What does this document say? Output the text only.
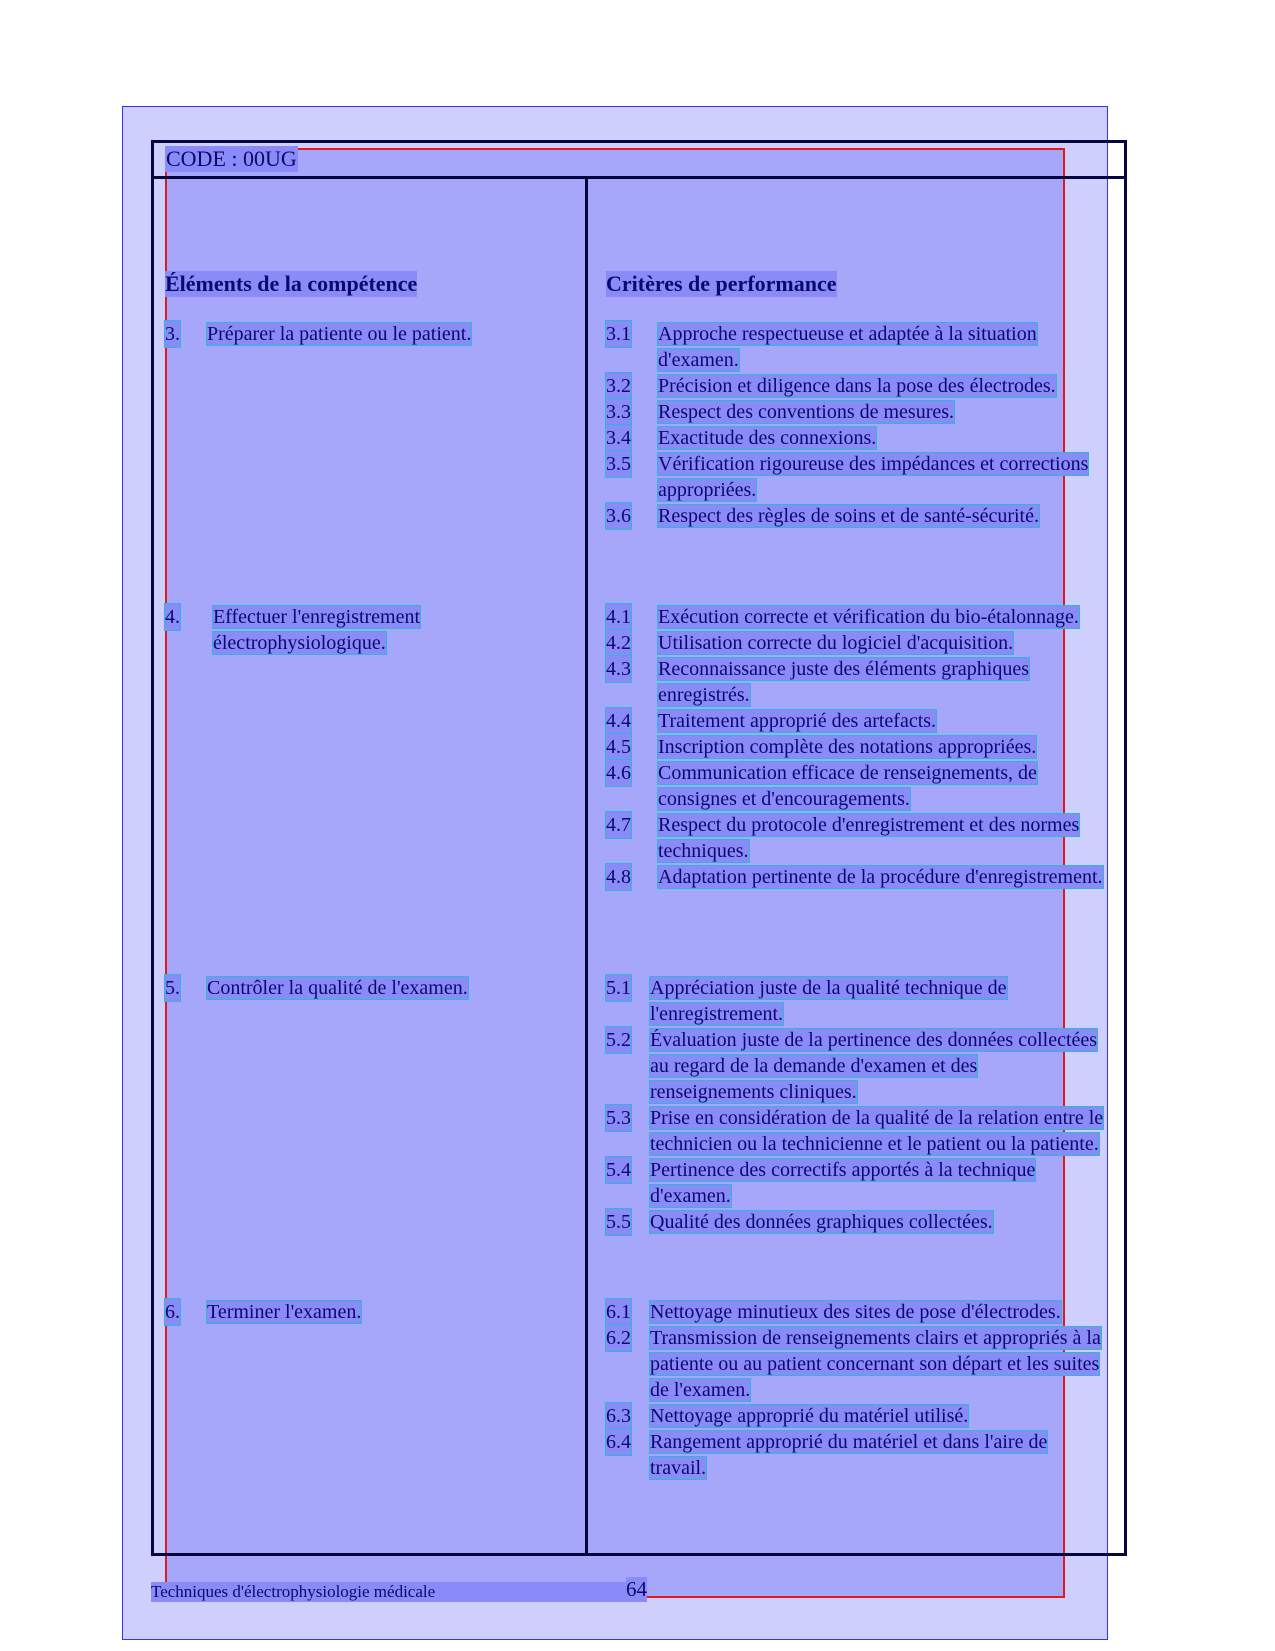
CODE : 00UG
Éléments de la compétence	Critères de performance
3.	Préparer la patiente ou le patient.	3.1 Approche respectueuse et adaptée à la situation d'examen.
3.2 Précision et diligence dans la pose des électrodes.
3.3 Respect des conventions de mesures.
3.4 Exactitude des connexions.
3.5 Vérification rigoureuse des impédances et corrections appropriées.
3.6 Respect des règles de soins et de santé-sécurité.
4.	Effectuer l'enregistrement électrophysiologique.
4.1 Exécution correcte et vérification du bio-étalonnage.
4.2 Utilisation correcte du logiciel d'acquisition.
4.3 Reconnaissance juste des éléments graphiques enregistrés.
4.4 Traitement approprié des artefacts.
4.5 Inscription complète des notations appropriées.
4.6 Communication efficace de renseignements, de consignes et d'encouragements.
4.7 Respect du protocole d'enregistrement et des normes techniques.
4.8 Adaptation pertinente de la procédure d'enregistrement.
5.	Contrôler la qualité de l'examen.	5.1 Appréciation juste de la qualité technique de l'enregistrement.
5.2 Évaluation juste de la pertinence des données collectées au regard de la demande d'examen et des renseignements cliniques.
5.3 Prise en considération de la qualité de la relation entre le technicien ou la technicienne et le patient ou la patiente.
5.4 Pertinence des correctifs apportés à la technique d'examen.
5.5 Qualité des données graphiques collectées.
6.	Terminer l'examen.	6.1 Nettoyage minutieux des sites de pose d'électrodes.
6.2 Transmission de renseignements clairs et appropriés à la patiente ou au patient concernant son départ et les suites de l'examen.
6.3 Nettoyage approprié du matériel utilisé.
6.4 Rangement approprié du matériel et dans l'aire de travail.
Techniques d'électrophysiologie médicale	64
